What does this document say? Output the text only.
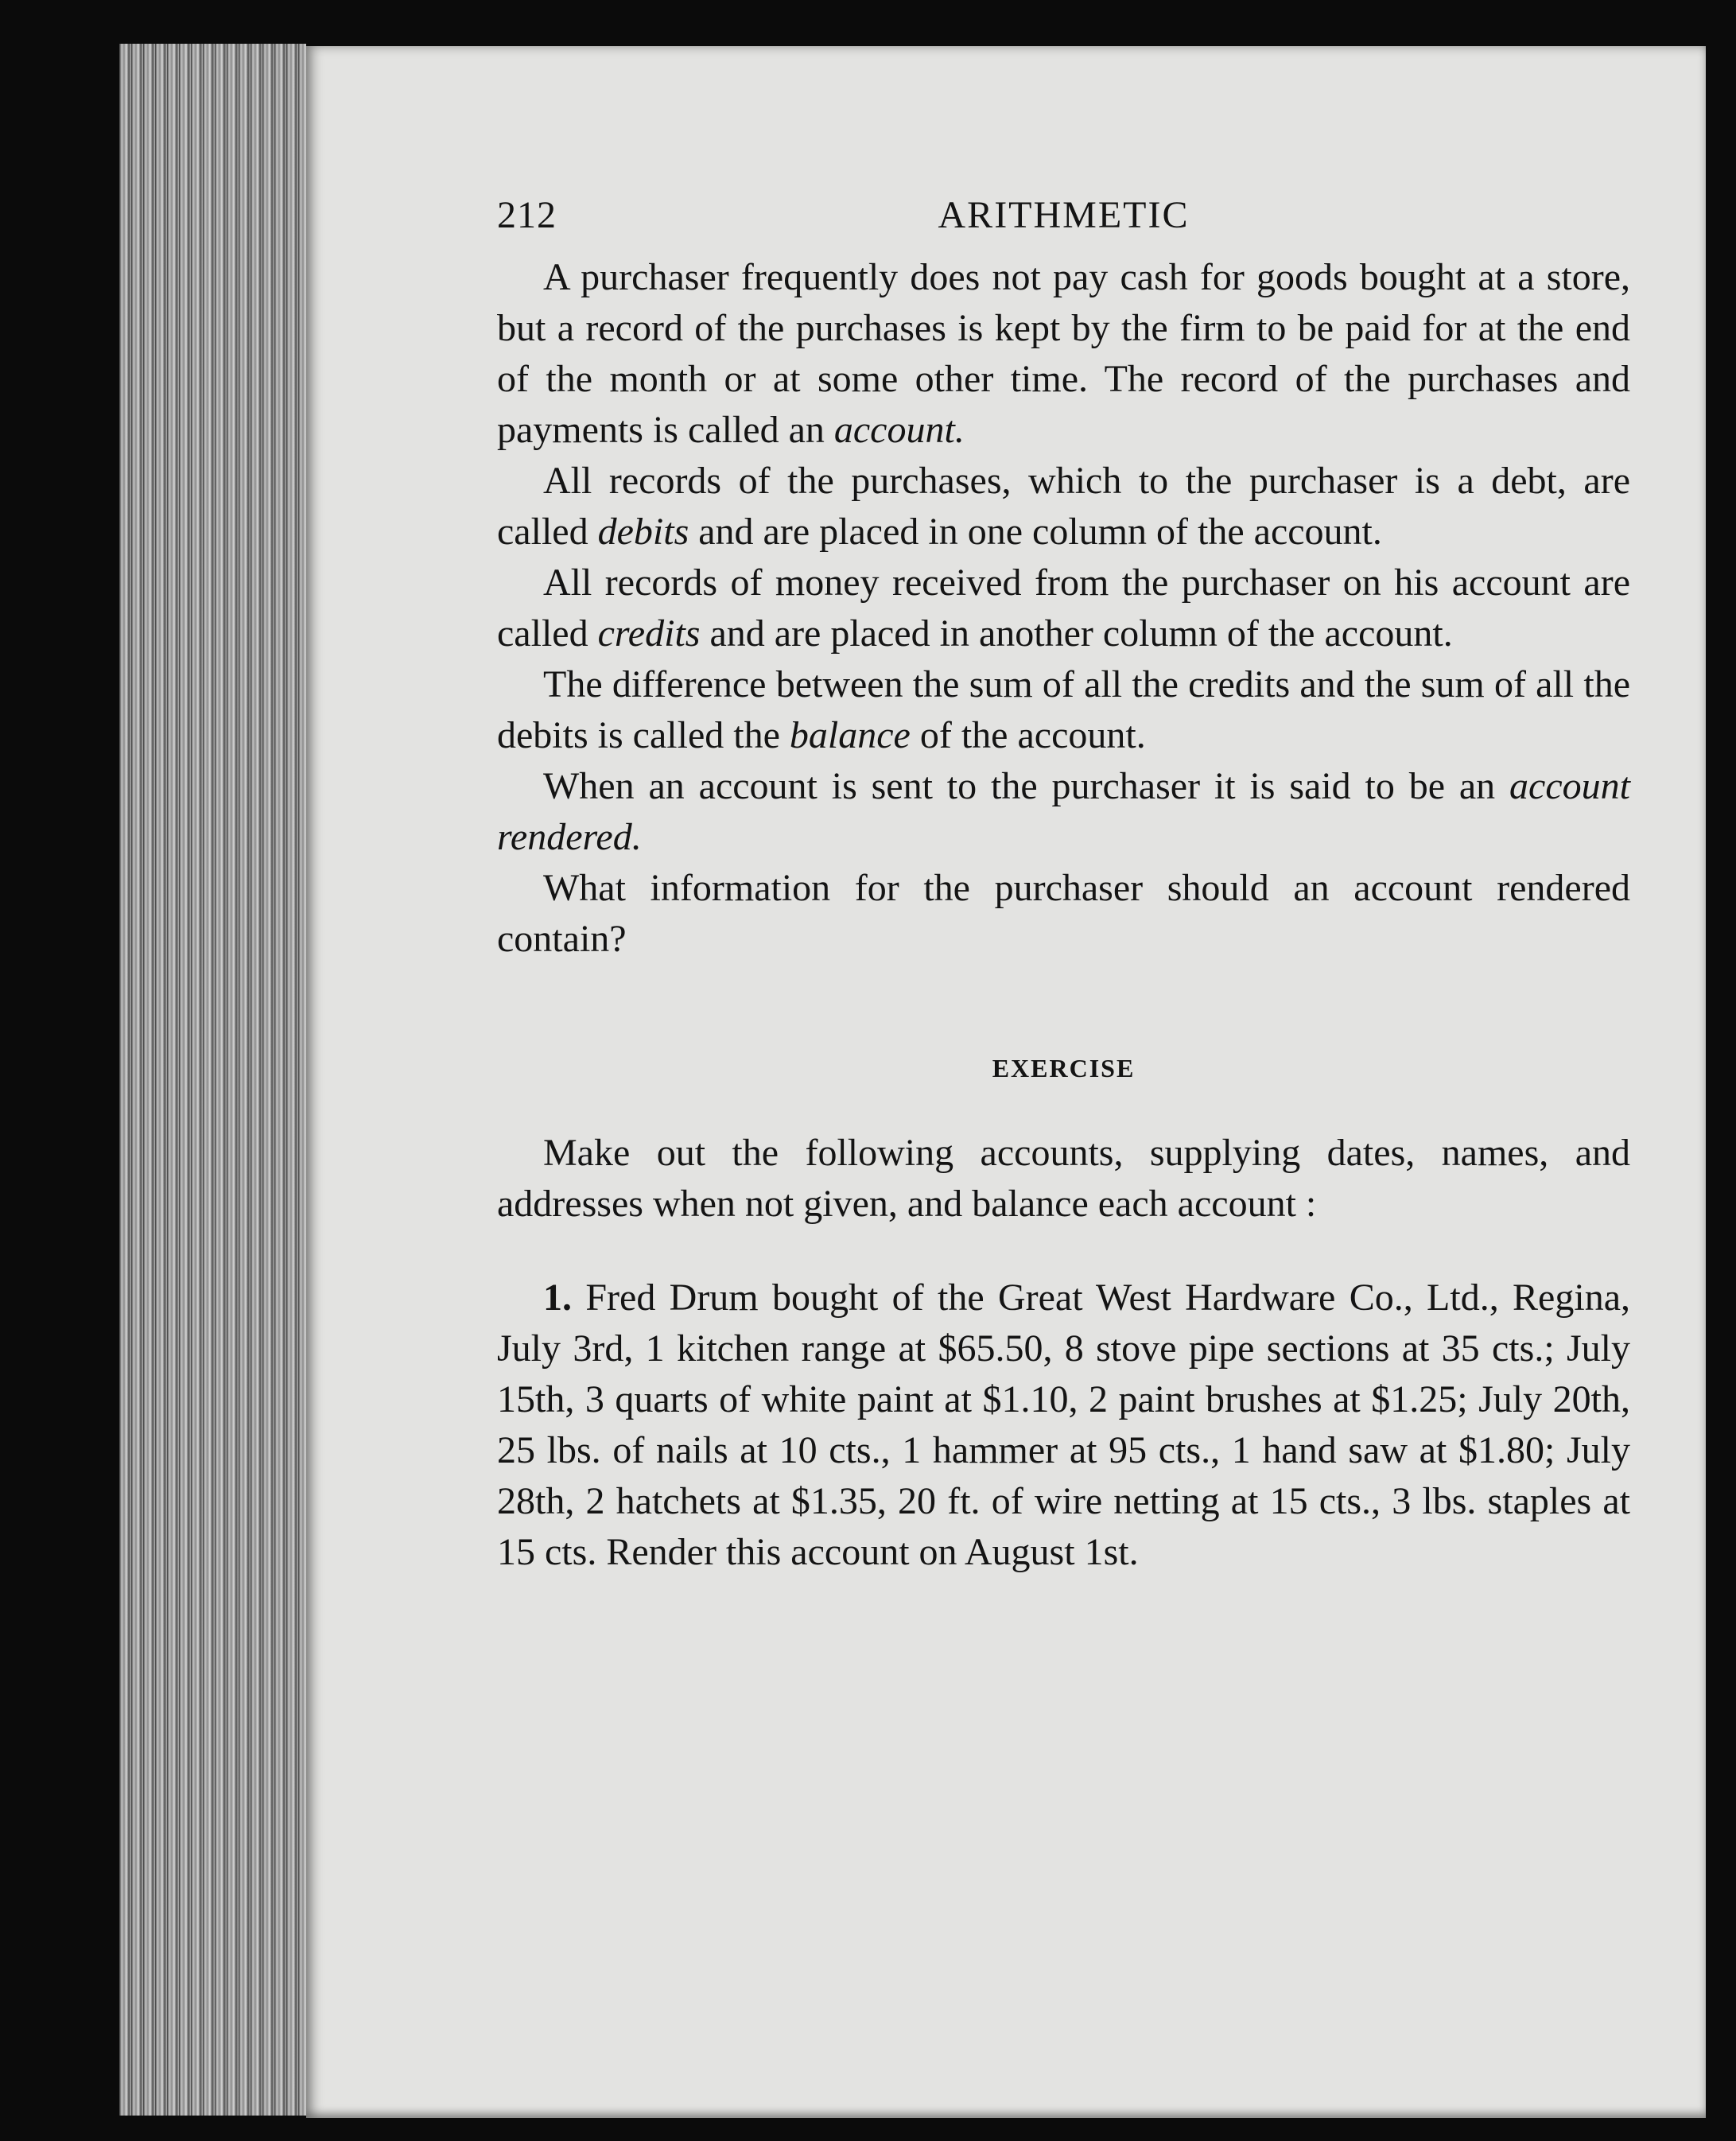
212	ARITHMETIC

A purchaser frequently does not pay cash for goods bought at a store, but a record of the purchases is kept by the firm to be paid for at the end of the month or at some other time. The record of the purchases and payments is called an account.

All records of the purchases, which to the purchaser is a debt, are called debits and are placed in one column of the account.

All records of money received from the purchaser on his account are called credits and are placed in another column of the account.

The difference between the sum of all the credits and the sum of all the debits is called the balance of the account.

When an account is sent to the purchaser it is said to be an account rendered.

What information for the purchaser should an account rendered contain?

EXERCISE

Make out the following accounts, supplying dates, names, and addresses when not given, and balance each account :

1. Fred Drum bought of the Great West Hardware Co., Ltd., Regina, July 3rd, 1 kitchen range at $65.50, 8 stove pipe sections at 35 cts.; July 15th, 3 quarts of white paint at $1.10, 2 paint brushes at $1.25; July 20th, 25 lbs. of nails at 10 cts., 1 hammer at 95 cts., 1 hand saw at $1.80; July 28th, 2 hatchets at $1.35, 20 ft. of wire netting at 15 cts., 3 lbs. staples at 15 cts. Render this account on August 1st.
